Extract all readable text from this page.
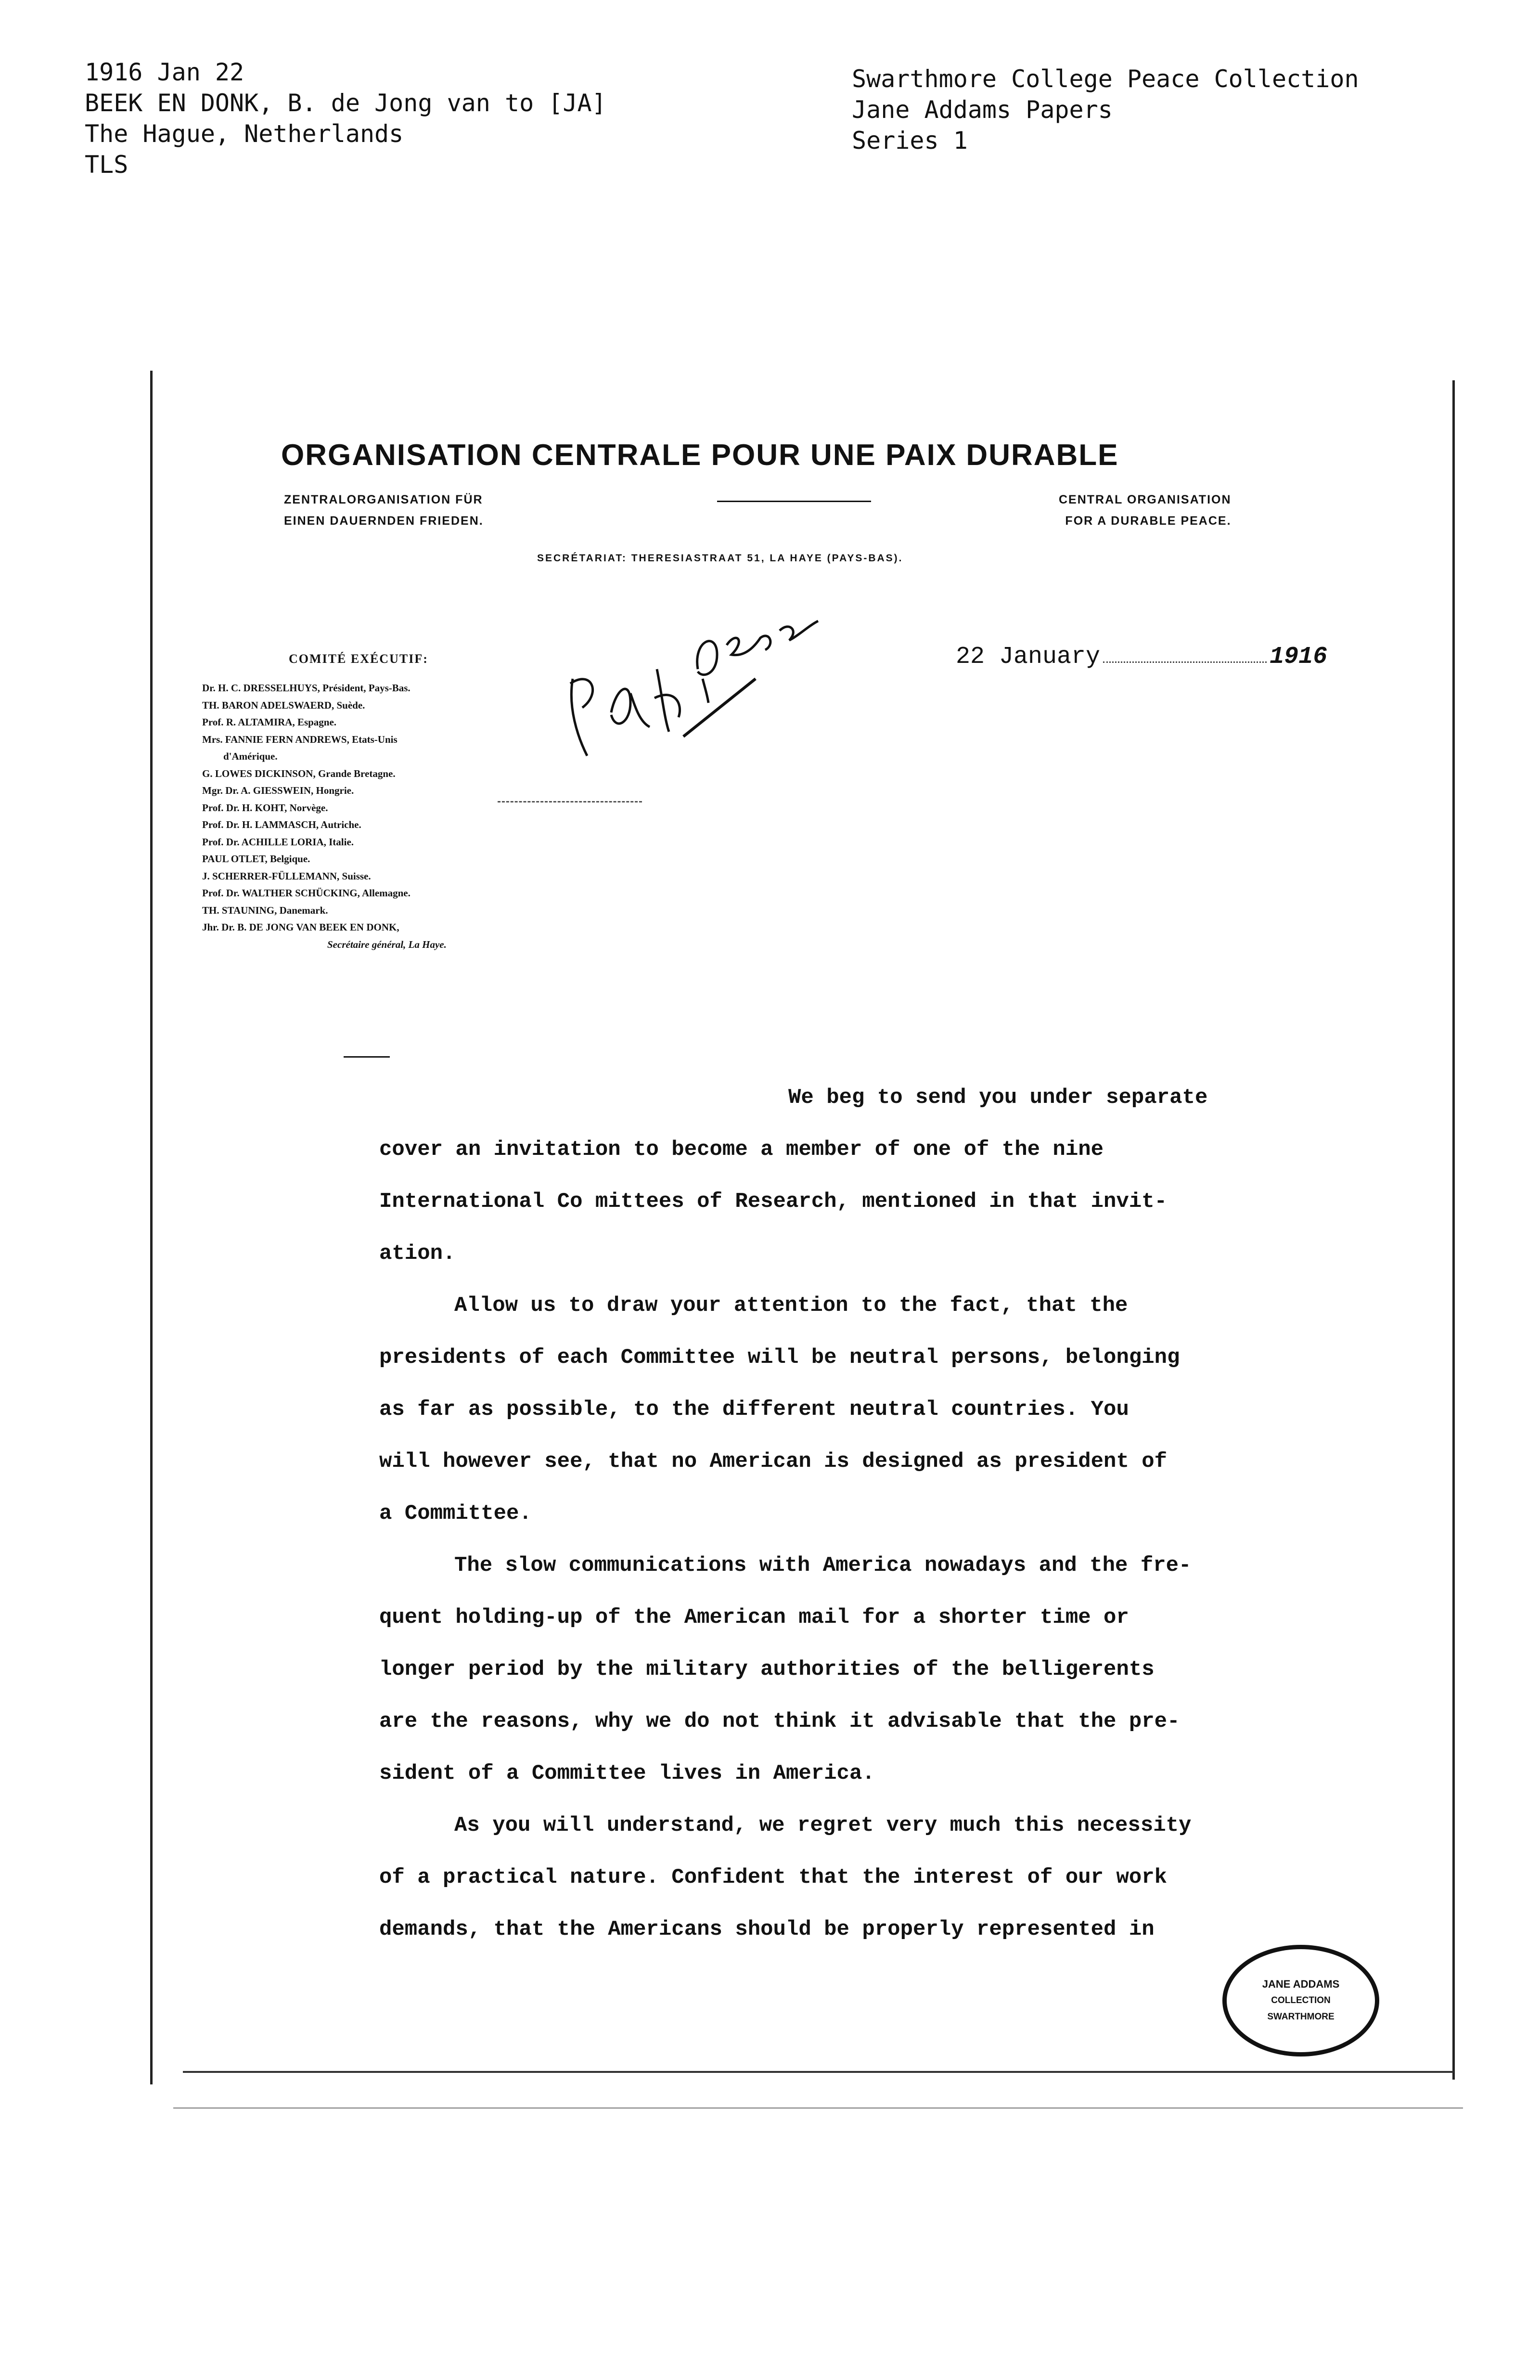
1916 Jan 22
BEEK EN DONK, B. de Jong van to [JA]
The Hague, Netherlands
TLS
Swarthmore College Peace Collection
Jane Addams Papers
Series 1
ORGANISATION CENTRALE POUR UNE PAIX DURABLE
ZENTRALORGANISATION FÜR
EINEN DAUERNDEN FRIEDEN.
CENTRAL ORGANISATION
FOR A DURABLE PEACE.
SECRÉTARIAT: THERESIASTRAAT 51, LA HAYE (PAYS-BAS).
COMITÉ EXÉCUTIF:
Dr. H. C. DRESSELHUYS, Président, Pays-Bas.
TH. BARON ADELSWAERD, Suède.
Prof. R. ALTAMIRA, Espagne.
Mrs. FANNIE FERN ANDREWS, Etats-Unis
d'Amérique.
G. LOWES DICKINSON, Grande Bretagne.
Mgr. Dr. A. GIESSWEIN, Hongrie.
Prof. Dr. H. KOHT, Norvège.
Prof. Dr. H. LAMMASCH, Autriche.
Prof. Dr. ACHILLE LORIA, Italie.
PAUL OTLET, Belgique.
J. SCHERRER-FÜLLEMANN, Suisse.
Prof. Dr. WALTHER SCHÜCKING, Allemagne.
TH. STAUNING, Danemark.
Jhr. Dr. B. DE JONG VAN BEEK EN DONK,
Secrétaire général, La Haye.
22 January	1916
We beg to send you under separate
cover an invitation to become a member of one of the nine
International Co mittees of Research, mentioned in that invit-
ation.
Allow us to draw your attention to the fact, that the
presidents of each Committee will be neutral persons, belonging
as far as possible, to the different neutral countries. You
will however see, that no American is designed as president of
a Committee.
The slow communications with America nowadays and the fre-
quent holding-up of the American mail for a shorter time or
longer period by the military authorities of the belligerents
are the reasons, why we do not think it advisable that the pre-
sident of a Committee lives in America.
As you will understand, we regret very much this necessity
of a practical nature. Confident that the interest of our work
demands, that the Americans should be properly represented in
JANE ADDAMS
COLLECTION
SWARTHMORE
